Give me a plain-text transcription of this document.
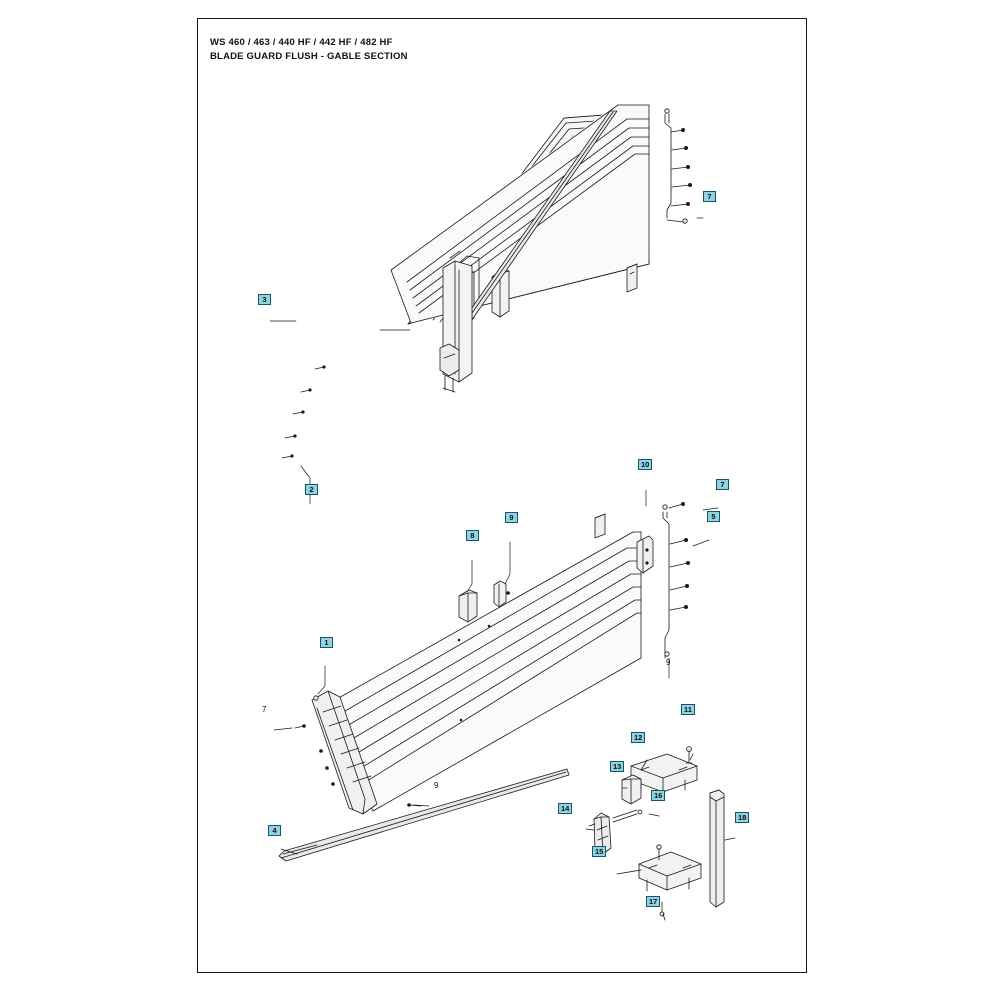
WS 460 / 463 / 440 HF / 442 HF / 482 HF
BLADE GUARD FLUSH - GABLE SECTION
3
7
2
10
7
5
9
8
9
1
7
9
4
11
12
13
16
14
18
15
17
